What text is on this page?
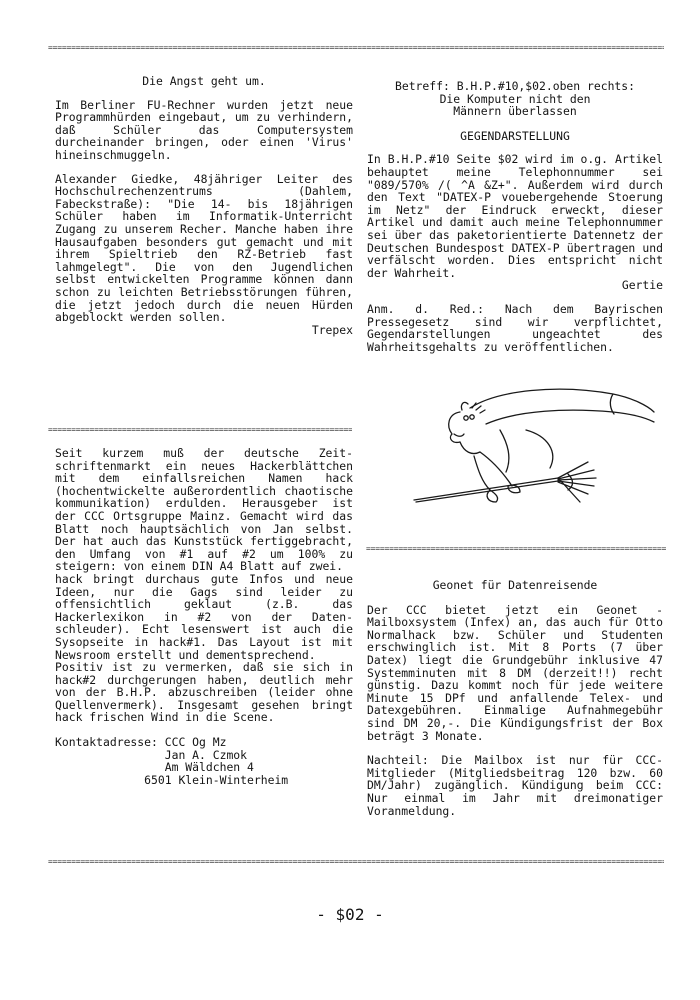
=====
=====
=====
=====

Die Angst geht um.

Im Berliner FU-Rechner wurden jetzt neue Programmhürden eingebaut, um zu verhindern, daß Schüler das Computersystem durcheinander bringen, oder einen 'Virus' hineinschmuggeln.

Alexander Giedke, 48jähriger Leiter des Hochschulrechenzentrums (Dahlem, Fabeckstraße): "Die 14- bis 18jährigen Schüler haben im Informatik-Unterricht Zugang zu unserem Recher. Manche haben ihre Hausaufgaben besonders gut gemacht und mit ihrem Spieltrieb den RZ-Betrieb fast lahmgelegt". Die von den Jugendlichen selbst entwickelten Programme können dann schon zu leichten Betriebsstörungen führen, die jetzt jedoch durch die neuen Hürden abgeblockt werden sollen.

Trepex

Seit kurzem muß der deutsche Zeitschriftenmarkt ein neues Hackerblättchen mit dem einfallsreichen Namen hack (hochentwickelte außerordentlich chaotische kommunikation) erdulden. Herausgeber ist der CCC Ortsgruppe Mainz. Gemacht wird das Blatt noch hauptsächlich von Jan selbst. Der hat auch das Kunststück fertiggebracht, den Umfang von #1 auf #2 um 100% zu steigern: von einem DIN A4 Blatt auf zwei.

hack bringt durchaus gute Infos und neue Ideen, nur die Gags sind leider zu offensichtlich geklaut (z.B. das Hackerlexikon in #2 von der Datenschleuder). Echt lesenswert ist auch die Sysopseite in hack#1. Das Layout ist mit Newsroom erstellt und dementsprechend.

Positiv ist zu vermerken, daß sie sich in hack#2 durchgerungen haben, deutlich mehr von der B.H.P. abzuschreiben (leider ohne Quellenvermerk). Insgesamt gesehen bringt hack frischen Wind in die Scene.

Kontaktadresse: CCC Og Mz
Jan A. Czmok
Am Wäldchen 4
6501 Klein-Winterheim

Betreff: B.H.P.#10,$02.oben rechts:

Die Komputer nicht den

Männern überlassen

GEGENDARSTELLUNG

In B.H.P.#10 Seite $02 wird im o.g. Artikel behauptet meine Telephonnummer sei "089/570% /( ^A &Z+". Außerdem wird durch den Text "DATEX-P vouebergehende Stoerung im Netz" der Eindruck erweckt, dieser Artikel und damit auch meine Telephonnummer sei über das paketorientierte Datennetz der Deutschen Bundespost DATEX-P übertragen und verfälscht worden. Dies entspricht nicht der Wahrheit.

Gertie

Anm. d. Red.: Nach dem Bayrischen Pressegesetz sind wir verpflichtet, Gegendarstellungen ungeachtet des Wahrheitsgehalts zu veröffentlichen.

Geonet für Datenreisende

Der CCC bietet jetzt ein Geonet - Mailboxsystem (Infex) an, das auch für Otto Normalhack bzw. Schüler und Studenten erschwinglich ist. Mit 8 Ports (7 über Datex) liegt die Grundgebühr inklusive 47 Systemminuten mit 8 DM (derzeit!!) recht günstig. Dazu kommt noch für jede weitere Minute 15 DPf und anfallende Telex- und Datexgebühren. Einmalige Aufnahmegebühr sind DM 20,-. Die Kündigungsfrist der Box beträgt 3 Monate.

Nachteil: Die Mailbox ist nur für CCC-Mitglieder (Mitgliedsbeitrag 120 bzw. 60 DM/Jahr) zugänglich. Kündigung beim CCC: Nur einmal im Jahr mit dreimonatiger Voranmeldung.

- $02 -
